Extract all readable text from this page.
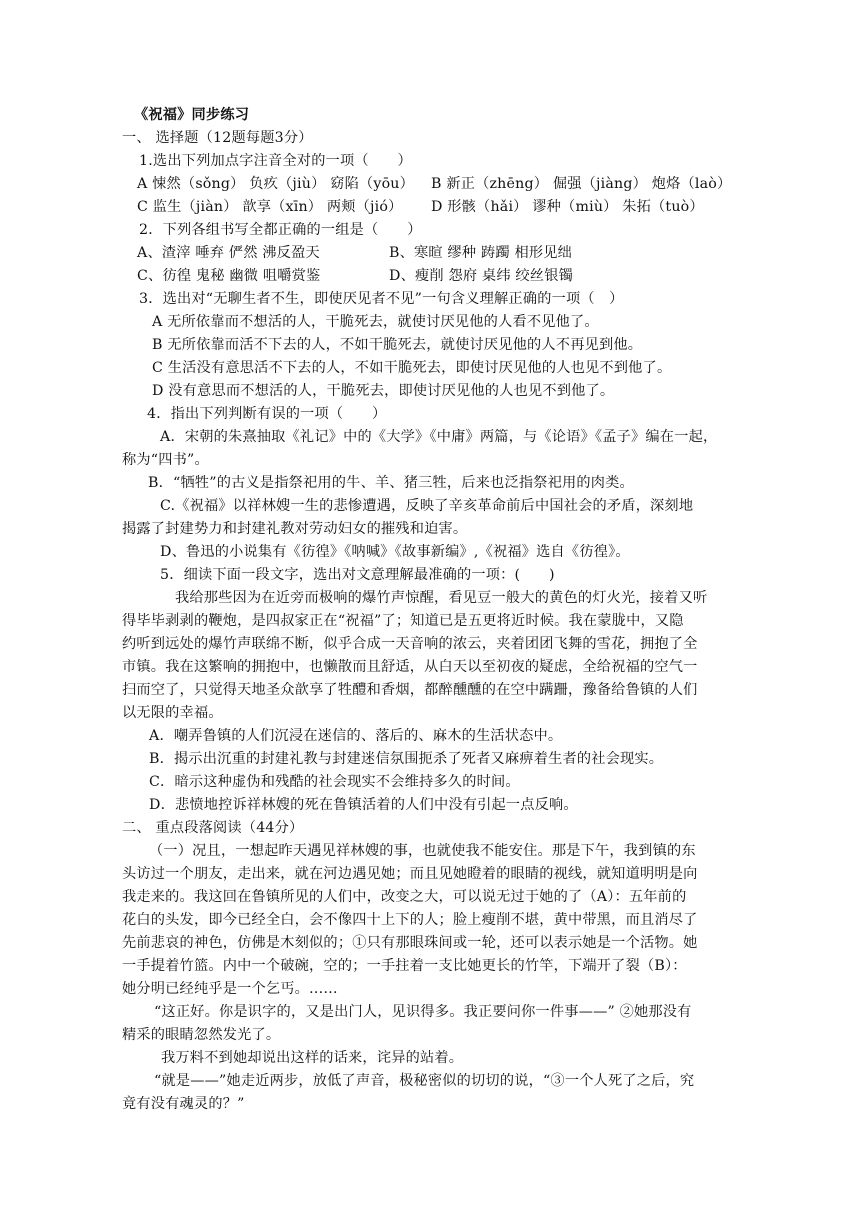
《祝福》同步练习
一、 选择题（12题每题3分）
1.选出下列加点字注音全对的一项（　　）
A 悚然（sǒng） 负疚（jiù） 窈陷（yōu） B 新正（zhēng） 倔强（jiàng） 炮烙（laò）
C 监生（jiàn） 歆享（xīn） 两颊（jió） D 形骸（hǎi） 谬种（miù） 朱拓（tuò）
2．下列各组书写全都正确的一组是（　　）
A、渣滓 唾弃 俨然 沸反盈天	B、寒暄 缪种 踌躅 相形见绌
C、彷徨 鬼秘 幽微 咀嚼赏鉴	D、瘦削 怨府 桌纬 绞丝银镯
3．选出对“无聊生者不生，即使厌见者不见”一句含义理解正确的一项（　）
A 无所依靠而不想活的人，干脆死去，就使讨厌见他的人看不见他了。
B 无所依靠而活不下去的人，不如干脆死去，就使讨厌见他的人不再见到他。
C 生活没有意思活不下去的人，不如干脆死去，即使讨厌见他的人也见不到他了。
D 没有意思而不想活的人，干脆死去，即使讨厌见他的人也见不到他了。
4．指出下列判断有误的一项（　　）
A．宋朝的朱熹抽取《礼记》中的《大学》《中庸》两篇，与《论语》《孟子》编在一起，
称为“四书”。
B．“牺牲”的古义是指祭祀用的牛、羊、猪三牲，后来也泛指祭祀用的肉类。
C.《祝福》以祥林嫂一生的悲惨遭遇，反映了辛亥革命前后中国社会的矛盾，深刻地
揭露了封建势力和封建礼教对劳动妇女的摧残和迫害。
D、鲁迅的小说集有《彷徨》《呐喊》《故事新编》,《祝福》选自《彷徨》。
5．细读下面一段文字，选出对文意理解最准确的一项：(　　)
我给那些因为在近旁而极响的爆竹声惊醒，看见豆一般大的黄色的灯火光，接着又听
得毕毕剥剥的鞭炮，是四叔家正在“祝福”了；知道已是五更将近时候。我在蒙胧中，又隐
约听到远处的爆竹声联绵不断，似乎合成一天音响的浓云，夹着团团飞舞的雪花，拥抱了全
市镇。我在这繁响的拥抱中，也懒散而且舒适，从白天以至初夜的疑虑，全给祝福的空气一
扫而空了，只觉得天地圣众歆享了牲醴和香烟，都醉醺醺的在空中蹒跚，豫备给鲁镇的人们
以无限的幸福。
A．嘲弄鲁镇的人们沉浸在迷信的、落后的、麻木的生活状态中。
B．揭示出沉重的封建礼教与封建迷信氛围扼杀了死者又麻痹着生者的社会现实。
C．暗示这种虚伪和残酷的社会现实不会维持多久的时间。
D．悲愤地控诉祥林嫂的死在鲁镇活着的人们中没有引起一点反响。
二、 重点段落阅读（44分）
（一）况且，一想起昨天遇见祥林嫂的事，也就使我不能安住。那是下午，我到镇的东
头访过一个朋友，走出来，就在河边遇见她；而且见她瞪着的眼睛的视线，就知道明明是向
我走来的。我这回在鲁镇所见的人们中，改变之大，可以说无过于她的了（A）：五年前的
花白的头发，即今已经全白，会不像四十上下的人；脸上瘦削不堪，黄中带黑，而且消尽了
先前悲哀的神色，仿佛是木刻似的；①只有那眼珠间或一轮，还可以表示她是一个活物。她
一手提着竹篮。内中一个破碗，空的；一手拄着一支比她更长的竹竿，下端开了裂（B）：
她分明已经纯乎是一个乞丐。……
“这正好。你是识字的，又是出门人，见识得多。我正要问你一件事——” ②她那没有
精采的眼睛忽然发光了。
我万料不到她却说出这样的话来，诧异的站着。
“就是——”她走近两步，放低了声音，极秘密似的切切的说，“③一个人死了之后，究
竟有没有魂灵的？”
